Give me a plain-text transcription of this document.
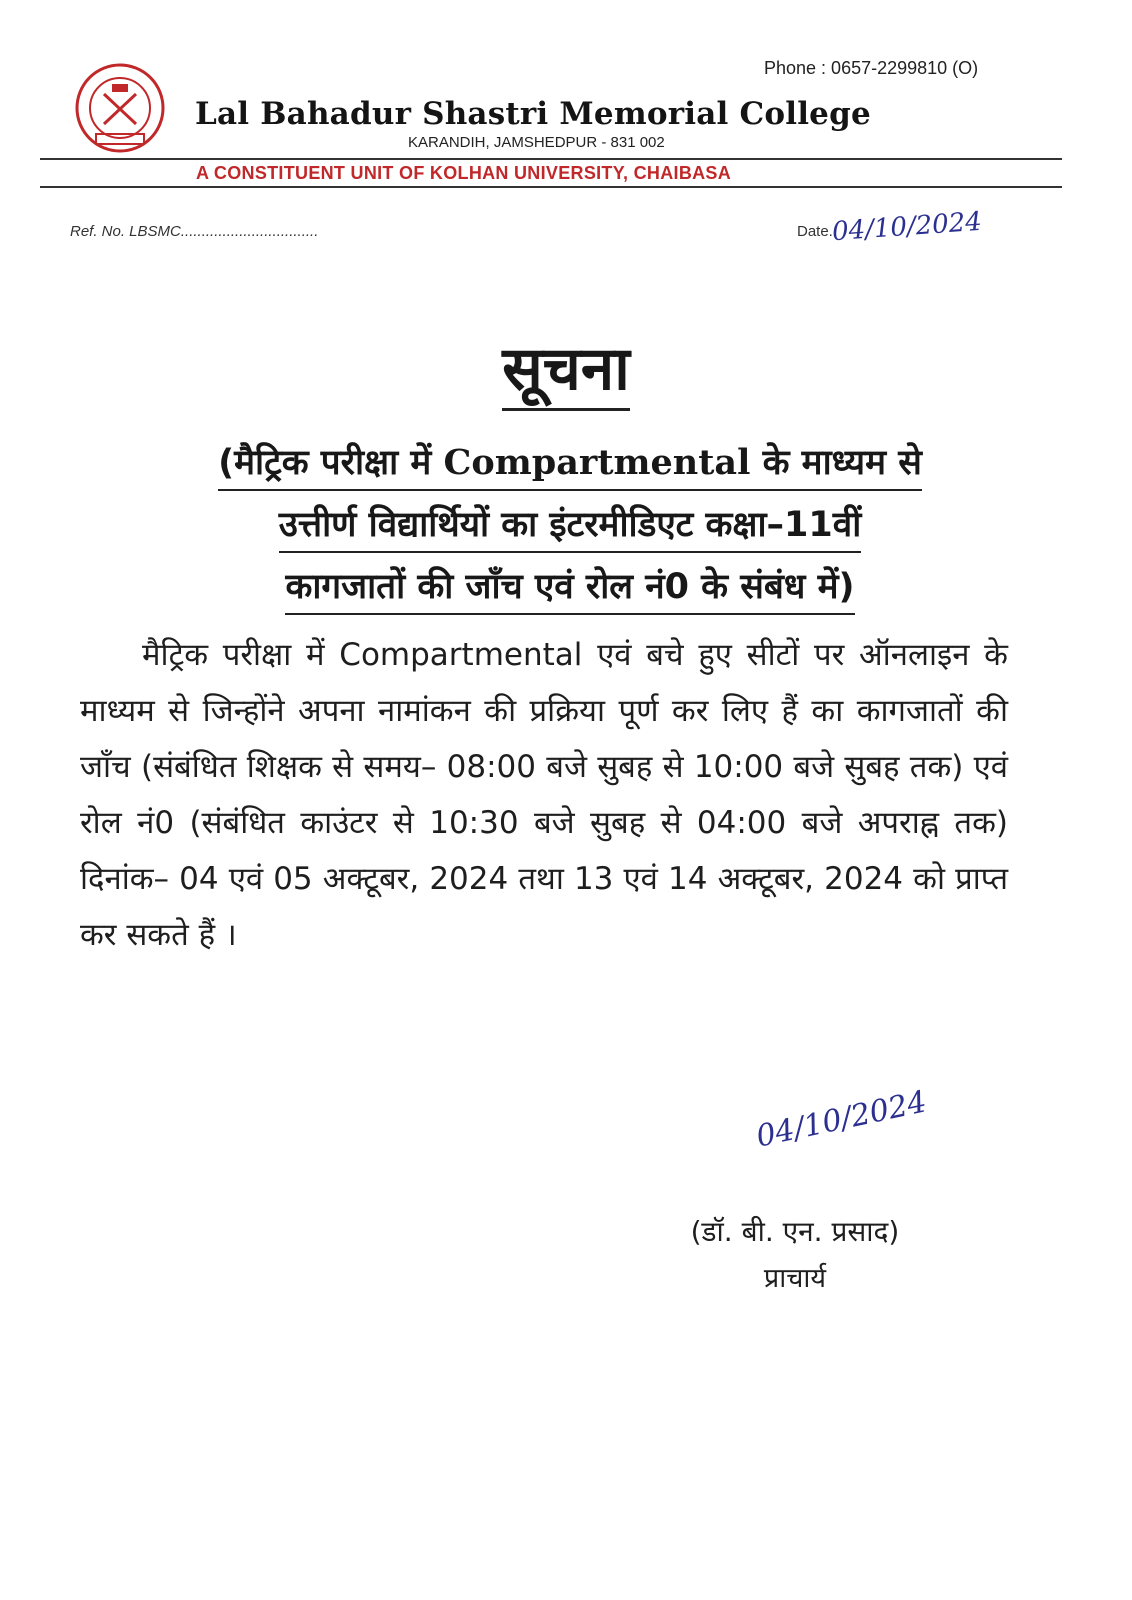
Phone : 0657-2299810 (O)
Lal Bahadur Shastri Memorial College
KARANDIH, JAMSHEDPUR - 831 002
A CONSTITUENT UNIT OF KOLHAN UNIVERSITY, CHAIBASA
Ref. No. LBSMC.................................	Date.
04/10/2024
सूचना
(मैट्रिक परीक्षा में Compartmental के माध्यम से
उत्तीर्ण विद्यार्थियों का इंटरमीडिएट कक्षा–11वीं
कागजातों की जाँच एवं रोल नं0 के संबंध में)
मैट्रिक परीक्षा में Compartmental एवं बचे हुए सीटों पर ऑनलाइन के माध्यम से जिन्होंने अपना नामांकन की प्रक्रिया पूर्ण कर लिए हैं का कागजातों की जाँच (संबंधित शिक्षक से समय– 08:00 बजे सुबह से 10:00 बजे सुबह तक) एवं रोल नं0 (संबंधित काउंटर से 10:30 बजे सुबह से 04:00 बजे अपराह्न तक) दिनांक– 04 एवं 05 अक्टूबर, 2024 तथा 13 एवं 14 अक्टूबर, 2024 को प्राप्त कर सकते हैं ।
04/10/2024
(डॉ. बी. एन. प्रसाद)
प्राचार्य
